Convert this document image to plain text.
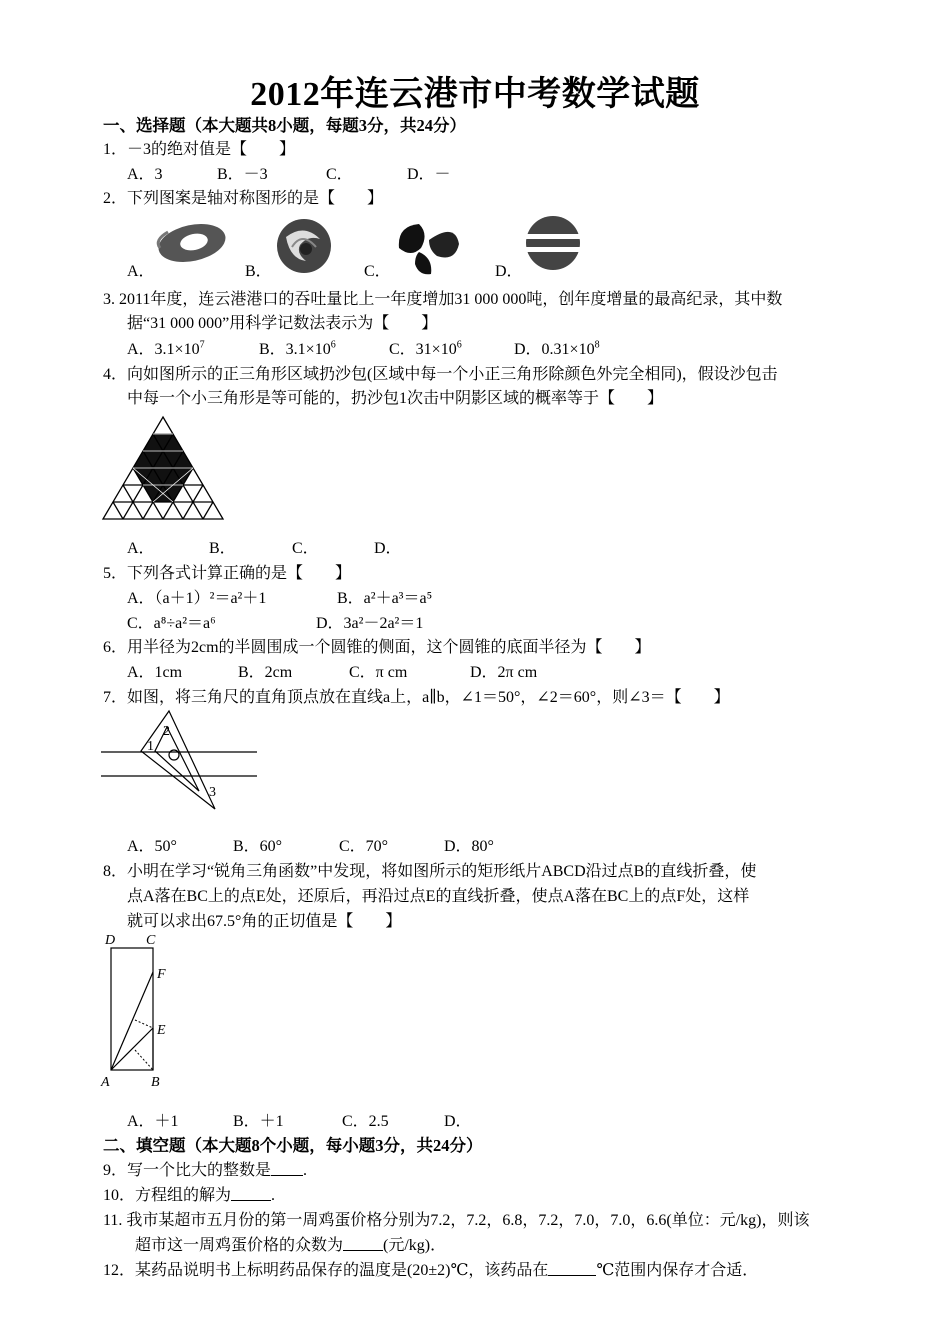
2012年连云港市中考数学试题
一、选择题（本大题共8小题，每题3分，共24分）
1．－3的绝对值是【　　】
A．3	B．－3	C．	D．－
2．下列图案是轴对称图形的是【　　】
A．	B．	C．	D．
3. 2011年度，连云港港口的吞吐量比上一年度增加31 000 000吨，创年度增量的最高纪录，其中数
据“31 000 000”用科学记数法表示为【　　】
A．$3.1\times 10^7$	B．$3.1\times 10^6$	C．$31\times 10^6$	D．$0.31\times 10^8$
4．向如图所示的正三角形区域扔沙包(区域中每一个小正三角形除颜色外完全相同)，假设沙包击
中每一个小三角形是等可能的，扔沙包1次击中阴影区域的概率等于【　　】
A．	B．	C．	D．
5．下列各式计算正确的是【　　】
A．（a＋1）²＝a²＋1	B．a²＋a³＝a⁵
C．a⁸÷a²＝a⁶	D．3a²－2a²＝1
6．用半径为2cm的半圆围成一个圆锥的侧面，这个圆锥的底面半径为【　　】
A．1cm	B．2cm	C．π cm	D．2π cm
7．如图，将三角尺的直角顶点放在直线a上，a∥b，∠1＝50°，∠2＝60°，则∠3＝【　　】
1
2
3
A．50°	B．60°	C．70°	D．80°
8．小明在学习“锐角三角函数”中发现，将如图所示的矩形纸片ABCD沿过点B的直线折叠，使
点A落在BC上的点E处，还原后，再沿过点E的直线折叠，使点A落在BC上的点F处，这样
就可以求出67.5°角的正切值是【　　】
D C
F
E
A	B
A．＋1	B．＋1	C．2.5	D．
二、填空题（本大题8个小题，每小题3分，共24分）
9．写一个比大的整数是 .
10．方程组的解为	.
11. 我市某超市五月份的第一周鸡蛋价格分别为7.2，7.2，6.8，7.2，7.0，7.0，6.6(单位：元/kg)，则该
超市这一周鸡蛋价格的众数为	(元/kg)．
12．某药品说明书上标明药品保存的温度是(20±2)℃，该药品在	℃范围内保存才合适．
